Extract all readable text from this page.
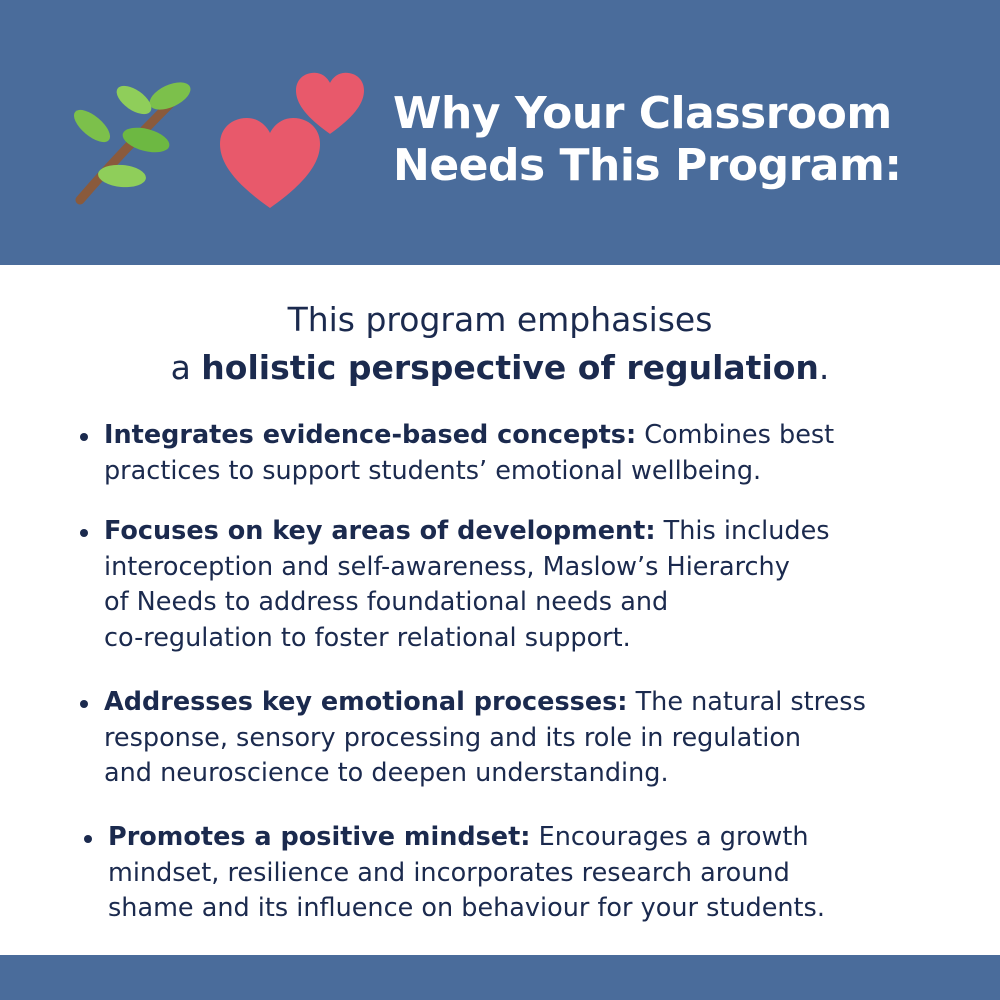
Why Your Classroom
Needs This Program:
This program emphasises
a holistic perspective of regulation.
Integrates evidence-based concepts: Combines best
practices to support students’ emotional wellbeing.
Focuses on key areas of development: This includes
interoception and self-awareness, Maslow’s Hierarchy
of Needs to address foundational needs and
co-regulation to foster relational support.
Addresses key emotional processes: The natural stress
response, sensory processing and its role in regulation
and neuroscience to deepen understanding.
Promotes a positive mindset: Encourages a growth
mindset, resilience and incorporates research around
shame and its influence on behaviour for your students.
